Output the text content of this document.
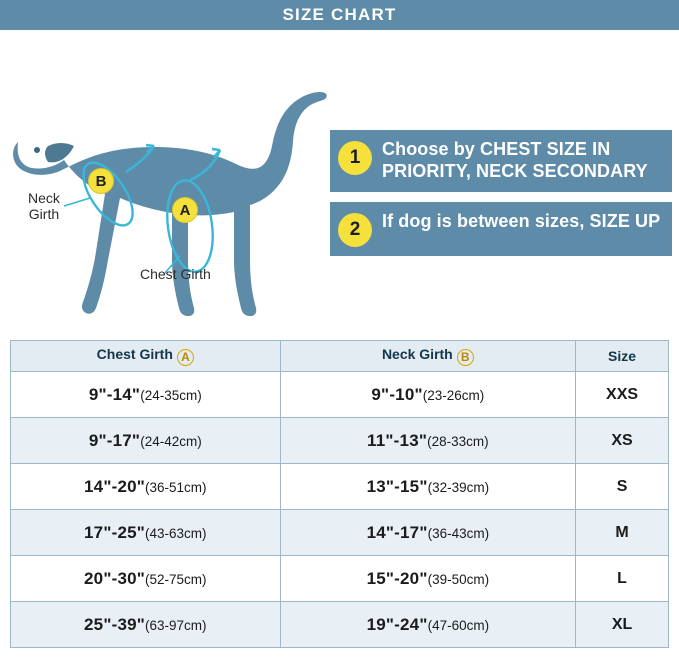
SIZE CHART
Neck
Girth
Chest Girth
B
A
1	Choose by CHEST SIZE IN PRIORITY, NECK SECONDARY
2	If dog is between sizes, SIZE UP
Chest Girth A	Neck Girth B	Size
9"-14"(24-35cm)	9"-10"(23-26cm)	XXS
9"-17"(24-42cm)	11"-13"(28-33cm)	XS
14"-20"(36-51cm)	13"-15"(32-39cm)	S
17"-25"(43-63cm)	14"-17"(36-43cm)	M
20"-30"(52-75cm)	15"-20"(39-50cm)	L
25"-39"(63-97cm)	19"-24"(47-60cm)	XL
